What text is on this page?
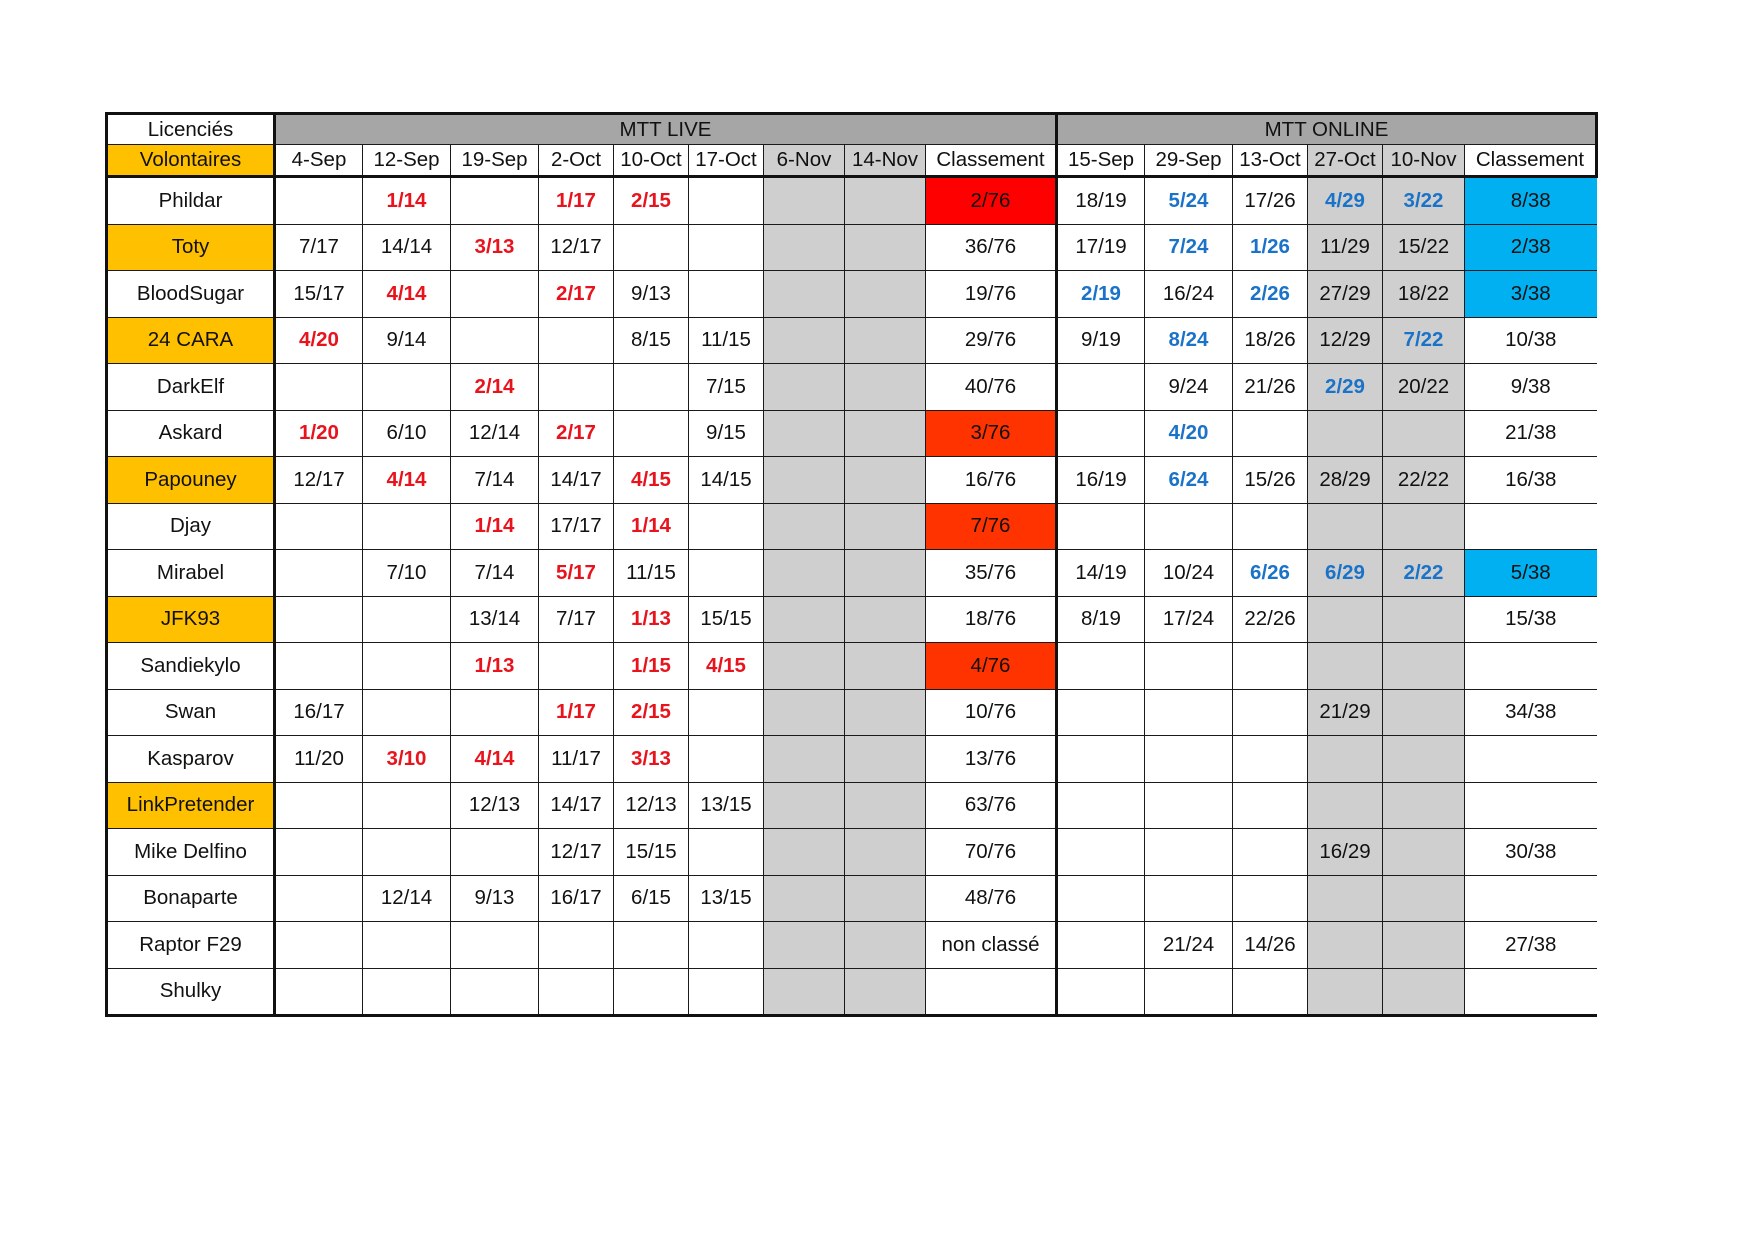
Licenciés	MTT LIVE									MTT ONLINE					
Volontaires	4-Sep	12-Sep	19-Sep	2-Oct	10-Oct	17-Oct	6-Nov	14-Nov	Classement	15-Sep	29-Sep	13-Oct	27-Oct	10-Nov	Classement
Phildar		1/14		1/17	2/15				2/76	18/19	5/24	17/26	4/29	3/22	8/38
Toty	7/17	14/14	3/13	12/17					36/76	17/19	7/24	1/26	11/29	15/22	2/38
BloodSugar	15/17	4/14		2/17	9/13				19/76	2/19	16/24	2/26	27/29	18/22	3/38
24 CARA	4/20	9/14			8/15	11/15			29/76	9/19	8/24	18/26	12/29	7/22	10/38
DarkElf			2/14			7/15			40/76		9/24	21/26	2/29	20/22	9/38
Askard	1/20	6/10	12/14	2/17		9/15			3/76		4/20				21/38
Papouney	12/17	4/14	7/14	14/17	4/15	14/15			16/76	16/19	6/24	15/26	28/29	22/22	16/38
Djay			1/14	17/17	1/14				7/76						
Mirabel		7/10	7/14	5/17	11/15				35/76	14/19	10/24	6/26	6/29	2/22	5/38
JFK93			13/14	7/17	1/13	15/15			18/76	8/19	17/24	22/26			15/38
Sandiekylo			1/13		1/15	4/15			4/76						
Swan	16/17			1/17	2/15				10/76				21/29		34/38
Kasparov	11/20	3/10	4/14	11/17	3/13				13/76						
LinkPretender			12/13	14/17	12/13	13/15			63/76						
Mike Delfino				12/17	15/15				70/76				16/29		30/38
Bonaparte		12/14	9/13	16/17	6/15	13/15			48/76						
Raptor F29									non classé		21/24	14/26			27/38
Shulky															
